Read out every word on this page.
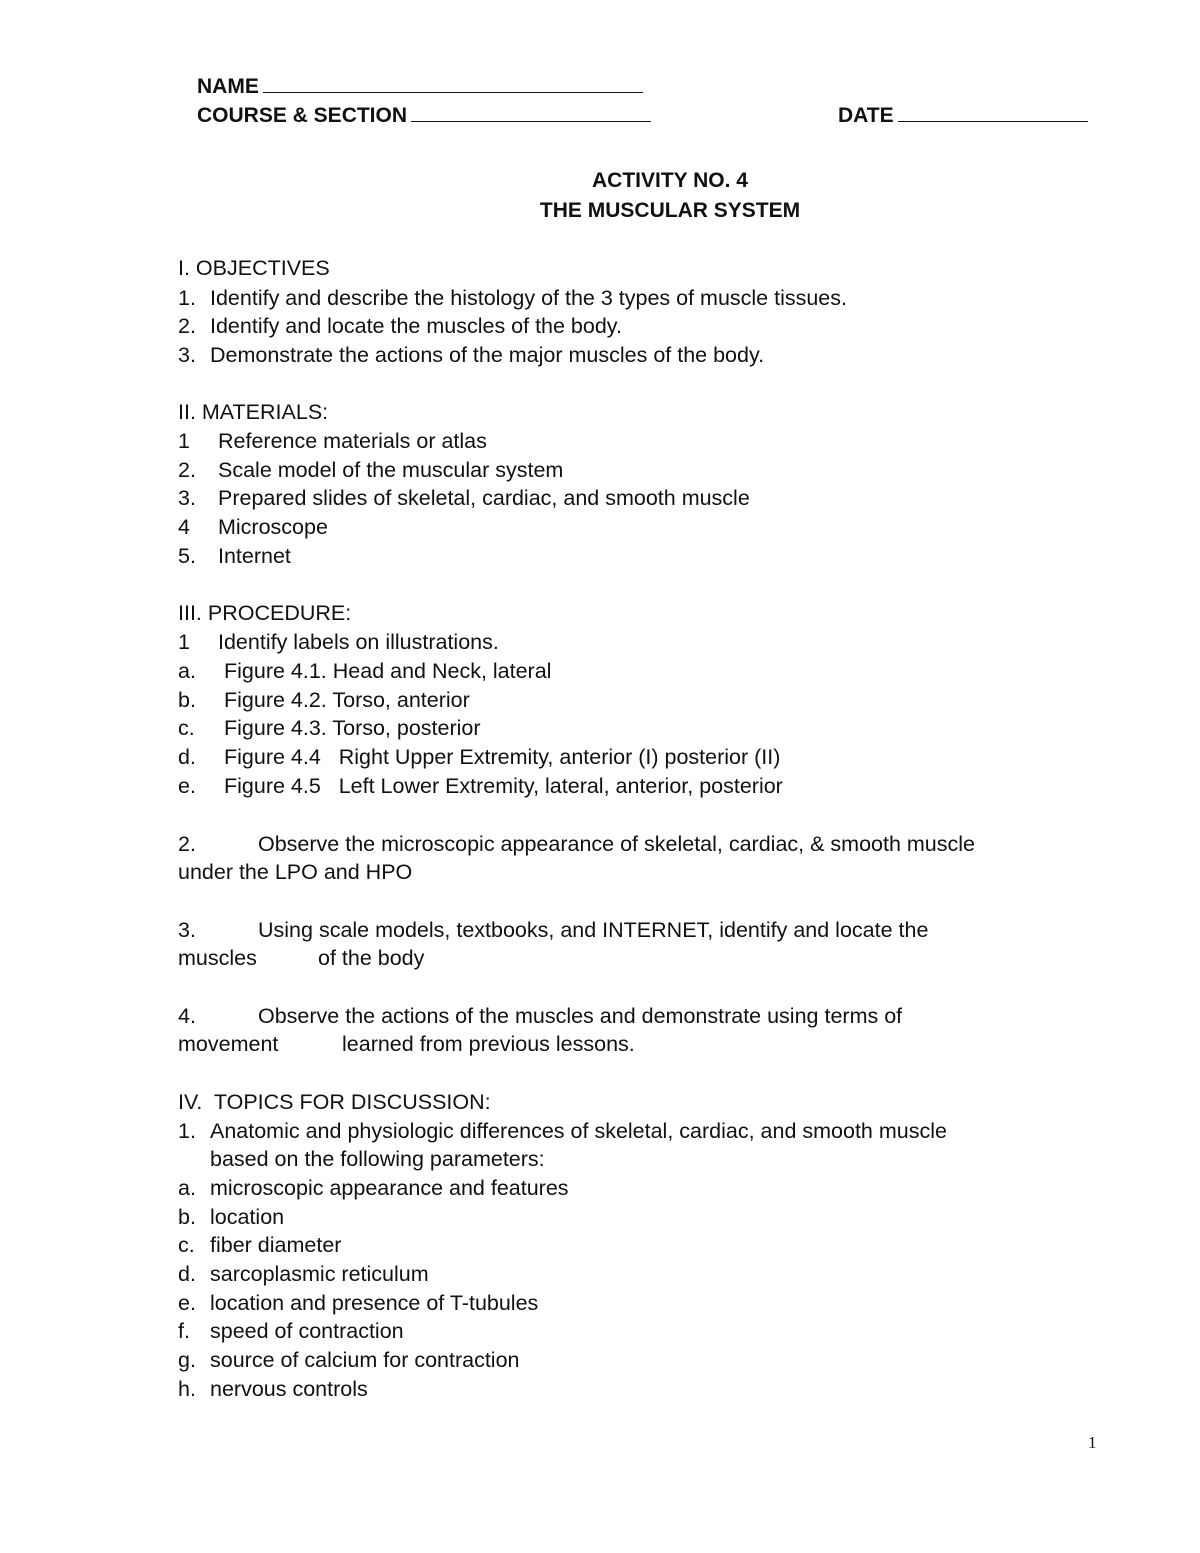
NAME
COURSE & SECTION	DATE
ACTIVITY NO. 4
THE MUSCULAR SYSTEM
I. OBJECTIVES
1. Identify and describe the histology of the 3 types of muscle tissues.
2. Identify and locate the muscles of the body.
3. Demonstrate the actions of the major muscles of the body.
II. MATERIALS:
1 Reference materials or atlas
2. Scale model of the muscular system
3. Prepared slides of skeletal, cardiac, and smooth muscle
4 Microscope
5. Internet
III. PROCEDURE:
1 Identify labels on illustrations.
a. Figure 4.1. Head and Neck, lateral
b. Figure 4.2. Torso, anterior
c. Figure 4.3. Torso, posterior
d. Figure 4.4   Right Upper Extremity, anterior (I) posterior (II)
e. Figure 4.5   Left Lower Extremity, lateral, anterior, posterior
2.	Observe the microscopic appearance of skeletal, cardiac, & smooth muscle
under the LPO and HPO
3.	Using scale models, textbooks, and INTERNET, identify and locate the
muscles	of the body
4.	Observe the actions of the muscles and demonstrate using terms of
movement	learned from previous lessons.
IV.  TOPICS FOR DISCUSSION:
1. Anatomic and physiologic differences of skeletal, cardiac, and smooth muscle
based on the following parameters:
a. microscopic appearance and features
b. location
c. fiber diameter
d. sarcoplasmic reticulum
e. location and presence of T-tubules
f. speed of contraction
g. source of calcium for contraction
h. nervous controls
1
